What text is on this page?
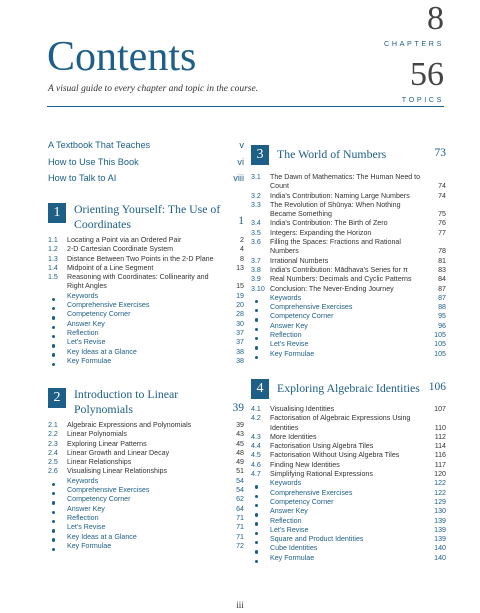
Contents
A visual guide to every chapter and topic in the course.
8
CHAPTERS
56
TOPICS
A Textbook That Teaches	v
How to Use This Book	vi
How to Talk to AI	viii
1	Orienting Yourself: The Use of Coordinates	1
1.1	Locating a Point via an Ordered Pair	2
1.2	2-D Cartesian Coordinate System	4
1.3	Distance Between Two Points in the 2-D Plane	8
1.4	Midpoint of a Line Segment	13
1.5	Reasoning with Coordinates: Collinearity and Right Angles	15
Keywords	19
Comprehensive Exercises	20
Competency Corner	28
Answer Key	30
Reflection	37
Let's Revise	37
Key Ideas at a Glance	38
Key Formulae	38
2	Introduction to Linear Polynomials	39
2.1	Algebraic Expressions and Polynomials	39
2.2	Linear Polynomials	43
2.3	Exploring Linear Patterns	45
2.4	Linear Growth and Linear Decay	48
2.5	Linear Relationships	49
2.6	Visualising Linear Relationships	51
Keywords	54
Comprehensive Exercises	54
Competency Corner	62
Answer Key	64
Reflection	71
Let's Revise	71
Key Ideas at a Glance	71
Key Formulae	72
3	The World of Numbers	73
3.1	The Dawn of Mathematics: The Human Need to Count	74
3.2	India's Contribution: Naming Large Numbers	74
3.3	The Revolution of Shūnya: When Nothing Became Something	75
3.4	India's Contribution: The Birth of Zero	76
3.5	Integers: Expanding the Horizon	77
3.6	Filling the Spaces: Fractions and Rational Numbers	78
3.7	Irrational Numbers	81
3.8	India's Contribution: Mādhava's Series for π	83
3.9	Real Numbers: Decimals and Cyclic Patterns	84
3.10 Conclusion: The Never-Ending Journey	87
Keywords	87
Comprehensive Exercises	88
Competency Corner	95
Answer Key	96
Reflection	105
Let's Revise	105
Key Formulae	105
4	Exploring Algebraic Identities 106
4.1	Visualising Identities	107
4.2	Factorisation of Algebraic Expressions Using Identities	110
4.3	More Identities	112
4.4	Factorisation Using Algebra Tiles	114
4.5	Factorisation Without Using Algebra Tiles	116
4.6	Finding New Identities	117
4.7	Simplifying Rational Expressions	120
Keywords	122
Comprehensive Exercises	122
Competency Corner	129
Answer Key	130
Reflection	139
Let's Revise	139
Square and Product Identities	139
Cube Identities	140
Key Formulae	140
iii
